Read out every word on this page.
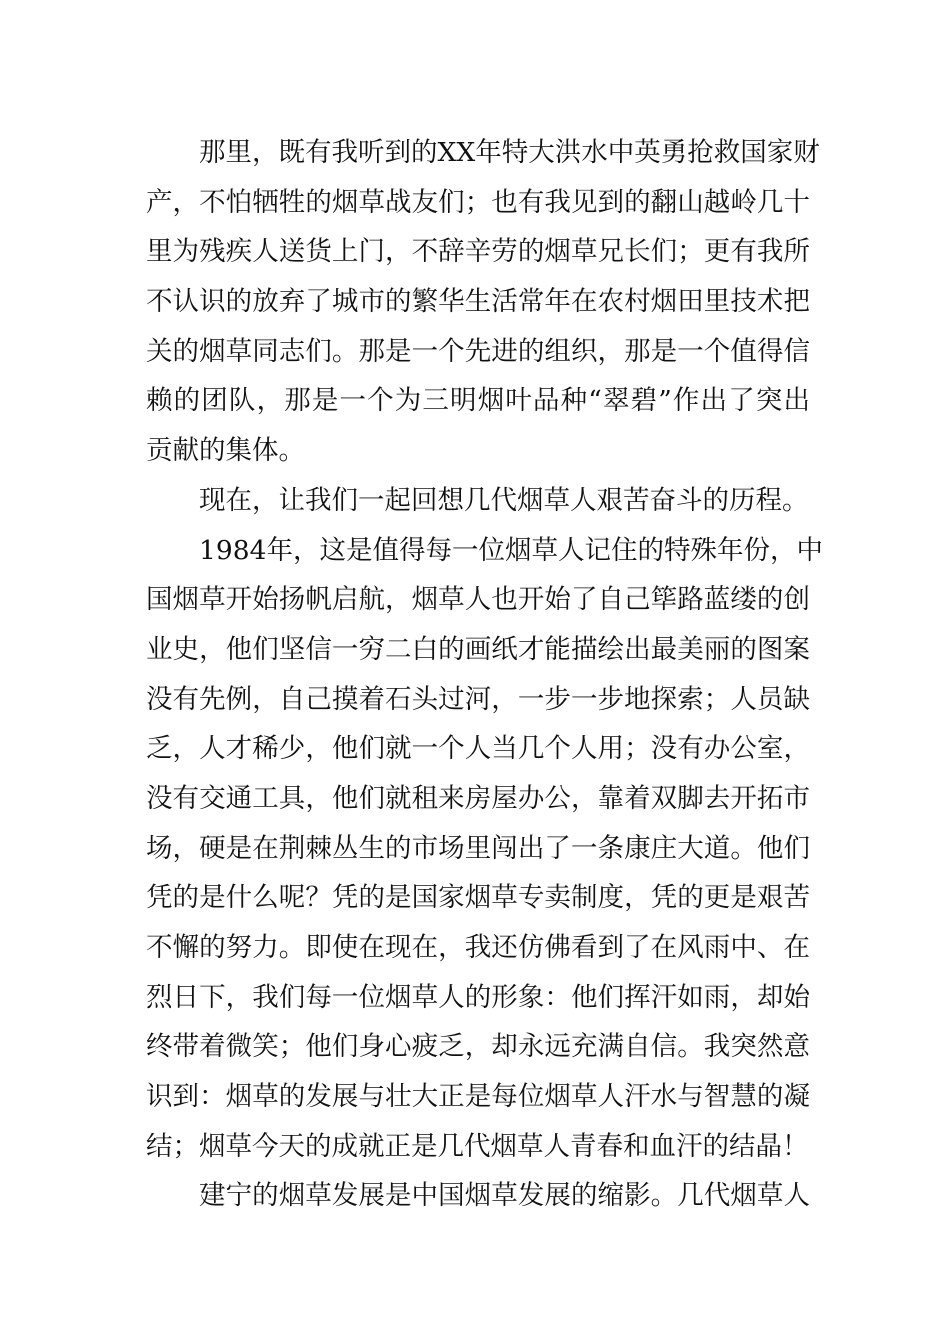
那里，既有我听到的XX年特大洪水中英勇抢救国家财
产，不怕牺牲的烟草战友们；也有我见到的翻山越岭几十
里为残疾人送货上门，不辞辛劳的烟草兄长们；更有我所
不认识的放弃了城市的繁华生活常年在农村烟田里技术把
关的烟草同志们。那是一个先进的组织，那是一个值得信
赖的团队，那是一个为三明烟叶品种“翠碧”作出了突出
贡献的集体。
现在，让我们一起回想几代烟草人艰苦奋斗的历程。
1984年，这是值得每一位烟草人记住的特殊年份，中
国烟草开始扬帆启航，烟草人也开始了自己筚路蓝缕的创
业史，他们坚信一穷二白的画纸才能描绘出最美丽的图案
没有先例，自己摸着石头过河，一步一步地探索；人员缺
乏，人才稀少，他们就一个人当几个人用；没有办公室，
没有交通工具，他们就租来房屋办公，靠着双脚去开拓市
场，硬是在荆棘丛生的市场里闯出了一条康庄大道。他们
凭的是什么呢？凭的是国家烟草专卖制度，凭的更是艰苦
不懈的努力。即使在现在，我还仿佛看到了在风雨中、在
烈日下，我们每一位烟草人的形象：他们挥汗如雨，却始
终带着微笑；他们身心疲乏，却永远充满自信。我突然意
识到：烟草的发展与壮大正是每位烟草人汗水与智慧的凝
结；烟草今天的成就正是几代烟草人青春和血汗的结晶！
建宁的烟草发展是中国烟草发展的缩影。几代烟草人
